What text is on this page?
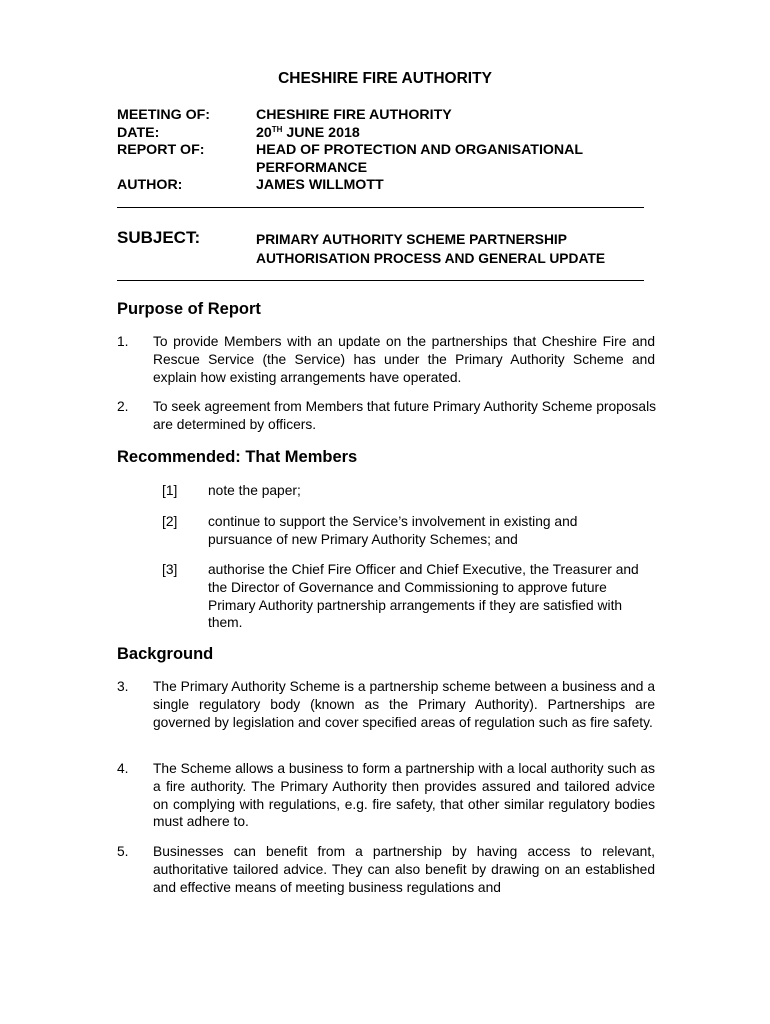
CHESHIRE FIRE AUTHORITY
MEETING OF:	CHESHIRE FIRE AUTHORITY
DATE:	20TH JUNE 2018
REPORT OF:	HEAD OF PROTECTION AND ORGANISATIONAL PERFORMANCE
AUTHOR:	JAMES WILLMOTT
SUBJECT:	PRIMARY AUTHORITY SCHEME PARTNERSHIP AUTHORISATION PROCESS AND GENERAL UPDATE
Purpose of Report
1. To provide Members with an update on the partnerships that Cheshire Fire and Rescue Service (the Service) has under the Primary Authority Scheme and explain how existing arrangements have operated.
2. To seek agreement from Members that future Primary Authority Scheme proposals are determined by officers.
Recommended: That Members
[1] note the paper;
[2] continue to support the Service’s involvement in existing and pursuance of new Primary Authority Schemes; and
[3] authorise the Chief Fire Officer and Chief Executive, the Treasurer and the Director of Governance and Commissioning to approve future Primary Authority partnership arrangements if they are satisfied with them.
Background
3. The Primary Authority Scheme is a partnership scheme between a business and a single regulatory body (known as the Primary Authority). Partnerships are governed by legislation and cover specified areas of regulation such as fire safety.
4. The Scheme allows a business to form a partnership with a local authority such as a fire authority. The Primary Authority then provides assured and tailored advice on complying with regulations, e.g. fire safety, that other similar regulatory bodies must adhere to.
5. Businesses can benefit from a partnership by having access to relevant, authoritative tailored advice. They can also benefit by drawing on an established and effective means of meeting business regulations and
